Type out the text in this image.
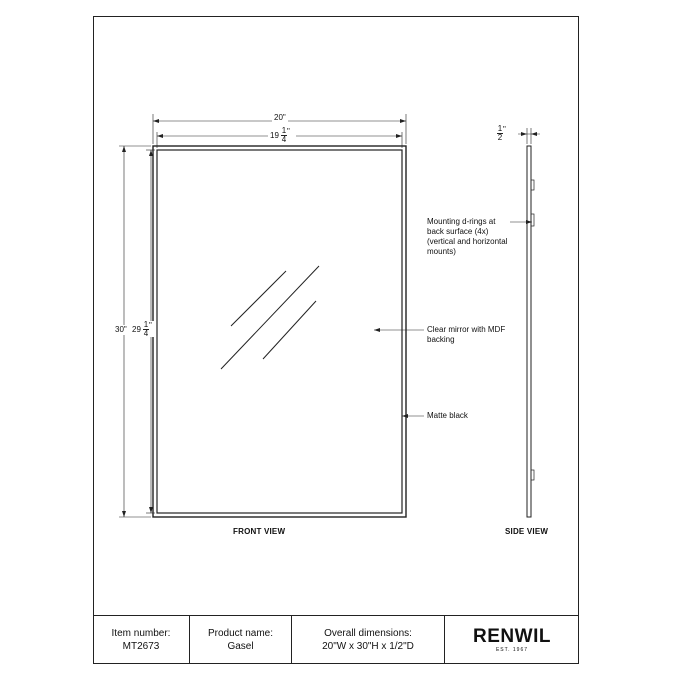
20"
19
1
4
"
30" 29
1
4
"
1
2
"
Mounting d-rings at back surface (4x) (vertical and horizontal mounts)
Clear mirror with MDF backing
Matte black
FRONT VIEW	SIDE VIEW
Item number:
MT2673
Product name:
Gasel
Overall dimensions:
20"W x 30"H x 1/2"D	RENWIL
EST. 1967
